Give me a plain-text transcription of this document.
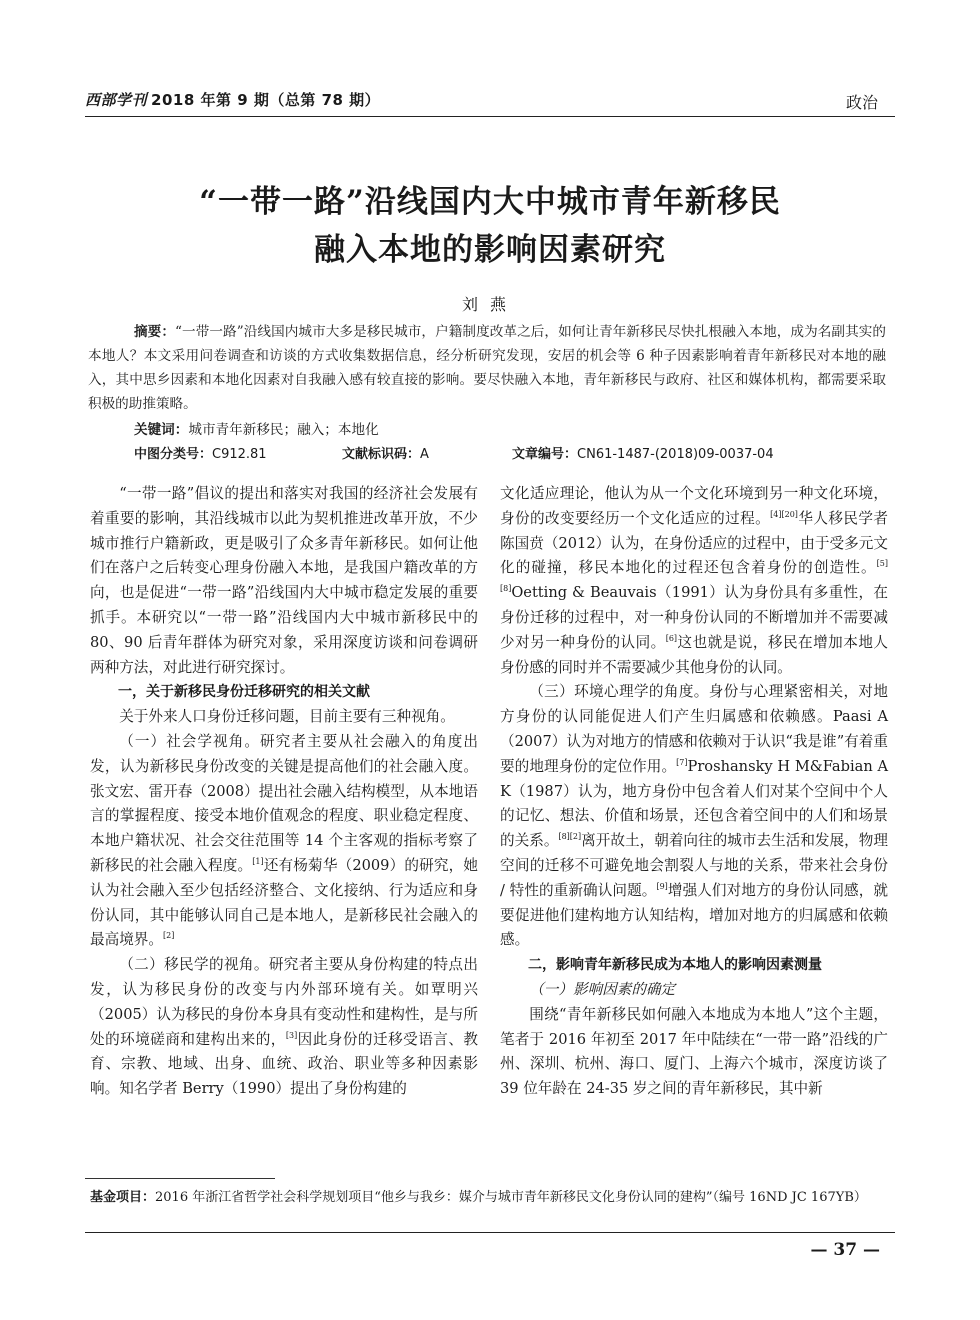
西部学刊 2018 年第 9 期（总第 78 期）	政治
“一带一路”沿线国内大中城市青年新移民
融入本地的影响因素研究
刘燕

摘要：“一带一路”沿线国内城市大多是移民城市，户籍制度改革之后，如何让青年新移民尽快扎根融入本地，成为名副其实的本地人？本文采用问卷调查和访谈的方式收集数据信息，经分析研究发现，安居的机会等 6 种子因素影响着青年新移民对本地的融入，其中思乡因素和本地化因素对自我融入感有较直接的影响。要尽快融入本地，青年新移民与政府、社区和媒体机构，都需要采取积极的助推策略。

关键词：城市青年新移民；融入；本地化
中图分类号：C912.81	文献标识码：A	文章编号：CN61-1487-(2018)09-0037-04

“一带一路”倡议的提出和落实对我国的经济社会发展有着重要的影响，其沿线城市以此为契机推进改革开放，不少城市推行户籍新政，更是吸引了众多青年新移民。如何让他们在落户之后转变心理身份融入本地，是我国户籍改革的方向，也是促进“一带一路”沿线国内大中城市稳定发展的重要抓手。本研究以“一带一路”沿线国内大中城市新移民中的 80、90 后青年群体为研究对象，采用深度访谈和问卷调研两种方法，对此进行研究探讨。

一，关于新移民身份迁移研究的相关文献

关于外来人口身份迁移问题，目前主要有三种视角。

（一）社会学视角。研究者主要从社会融入的角度出发，认为新移民身份改变的关键是提高他们的社会融入度。张文宏、雷开春（2008）提出社会融入结构模型，从本地语言的掌握程度、接受本地价值观念的程度、职业稳定程度、本地户籍状况、社会交往范围等 14 个主客观的指标考察了新移民的社会融入程度。[1]还有杨菊华（2009）的研究，她认为社会融入至少包括经济整合、文化接纳、行为适应和身份认同，其中能够认同自己是本地人，是新移民社会融入的最高境界。[2]

（二）移民学的视角。研究者主要从身份构建的特点出发，认为移民身份的改变与内外部环境有关。如覃明兴（2005）认为移民的身份本身具有变动性和建构性，是与所处的环境磋商和建构出来的，[3]因此身份的迁移受语言、教育、宗教、地域、出身、血统、政治、职业等多种因素影响。知名学者 Berry（1990）提出了身份构建的

文化适应理论，他认为从一个文化环境到另一种文化环境，身份的改变要经历一个文化适应的过程。[4][20]华人移民学者陈国贲（2012）认为，在身份适应的过程中，由于受多元文化的碰撞，移民本地化的过程还包含着身份的创造性。[5][8]Oetting & Beauvais（1991）认为身份具有多重性，在身份迁移的过程中，对一种身份认同的不断增加并不需要减少对另一种身份的认同。[6]这也就是说，移民在增加本地人身份感的同时并不需要减少其他身份的认同。

（三）环境心理学的角度。身份与心理紧密相关，对地方身份的认同能促进人们产生归属感和依赖感。Paasi A（2007）认为对地方的情感和依赖对于认识“我是谁”有着重要的地理身份的定位作用。[7]Proshansky H M&Fabian A K（1987）认为，地方身份中包含着人们对某个空间中个人的记忆、想法、价值和场景，还包含着空间中的人们和场景的关系。[8][2]离开故土，朝着向往的城市去生活和发展，物理空间的迁移不可避免地会割裂人与地的关系，带来社会身份 / 特性的重新确认问题。[9]增强人们对地方的身份认同感，就要促进他们建构地方认知结构，增加对地方的归属感和依赖感。

二，影响青年新移民成为本地人的影响因素测量

（一）影响因素的确定

围绕“青年新移民如何融入本地成为本地人”这个主题，笔者于 2016 年初至 2017 年中陆续在“一带一路”沿线的广州、深圳、杭州、海口、厦门、上海六个城市，深度访谈了 39 位年龄在 24-35 岁之间的青年新移民，其中新

基金项目：2016 年浙江省哲学社会科学规划项目“他乡与我乡：媒介与城市青年新移民文化身份认同的建构”（编号 16ND JC 167YB）
— 37 —
